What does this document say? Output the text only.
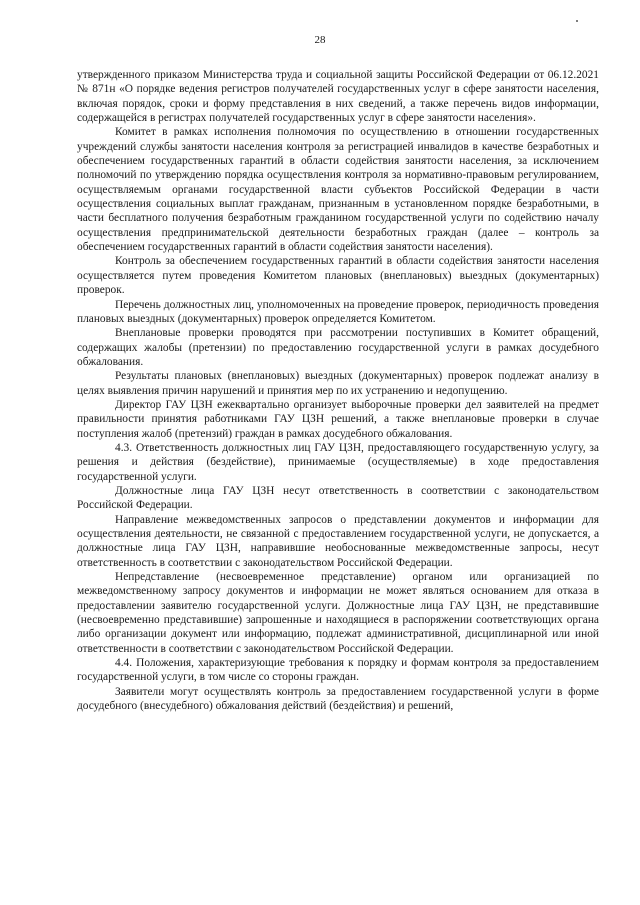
28

утвержденного приказом Министерства труда и социальной защиты Российской Федерации от 06.12.2021 № 871н «О порядке ведения регистров получателей государственных услуг в сфере занятости населения, включая порядок, сроки и форму представления в них сведений, а также перечень видов информации, содержащейся в регистрах получателей государственных услуг в сфере занятости населения».

Комитет в рамках исполнения полномочия по осуществлению в отношении государственных учреждений службы занятости населения контроля за регистрацией инвалидов в качестве безработных и обеспечением государственных гарантий в области содействия занятости населения, за исключением полномочий по утверждению порядка осуществления контроля за нормативно-правовым регулированием, осуществляемым органами государственной власти субъектов Российской Федерации в части осуществления социальных выплат гражданам, признанным в установленном порядке безработными, в части бесплатного получения безработным гражданином государственной услуги по содействию началу осуществления предпринимательской деятельности безработных граждан (далее – контроль за обеспечением государственных гарантий в области содействия занятости населения).

Контроль за обеспечением государственных гарантий в области содействия занятости населения осуществляется путем проведения Комитетом плановых (внеплановых) выездных (документарных) проверок.

Перечень должностных лиц, уполномоченных на проведение проверок, периодичность проведения плановых выездных (документарных) проверок определяется Комитетом.

Внеплановые проверки проводятся при рассмотрении поступивших в Комитет обращений, содержащих жалобы (претензии) по предоставлению государственной услуги в рамках досудебного обжалования.

Результаты плановых (внеплановых) выездных (документарных) проверок подлежат анализу в целях выявления причин нарушений и принятия мер по их устранению и недопущению.

Директор ГАУ ЦЗН ежеквартально организует выборочные проверки дел заявителей на предмет правильности принятия работниками ГАУ ЦЗН решений, а также внеплановые проверки в случае поступления жалоб (претензий) граждан в рамках досудебного обжалования.

4.3. Ответственность должностных лиц ГАУ ЦЗН, предоставляющего государственную услугу, за решения и действия (бездействие), принимаемые (осуществляемые) в ходе предоставления государственной услуги.

Должностные лица ГАУ ЦЗН несут ответственность в соответствии с законодательством Российской Федерации.

Направление межведомственных запросов о представлении документов и информации для осуществления деятельности, не связанной с предоставлением государственной услуги, не допускается, а должностные лица ГАУ ЦЗН, направившие необоснованные межведомственные запросы, несут ответственность в соответствии с законодательством Российской Федерации.

Непредставление (несвоевременное представление) органом или организацией по межведомственному запросу документов и информации не может являться основанием для отказа в предоставлении заявителю государственной услуги. Должностные лица ГАУ ЦЗН, не представившие (несвоевременно представившие) запрошенные и находящиеся в распоряжении соответствующих органа либо организации документ или информацию, подлежат административной, дисциплинарной или иной ответственности в соответствии с законодательством Российской Федерации.

4.4. Положения, характеризующие требования к порядку и формам контроля за предоставлением государственной услуги, в том числе со стороны граждан.

Заявители могут осуществлять контроль за предоставлением государственной услуги в форме досудебного (внесудебного) обжалования действий (бездействия) и решений,
